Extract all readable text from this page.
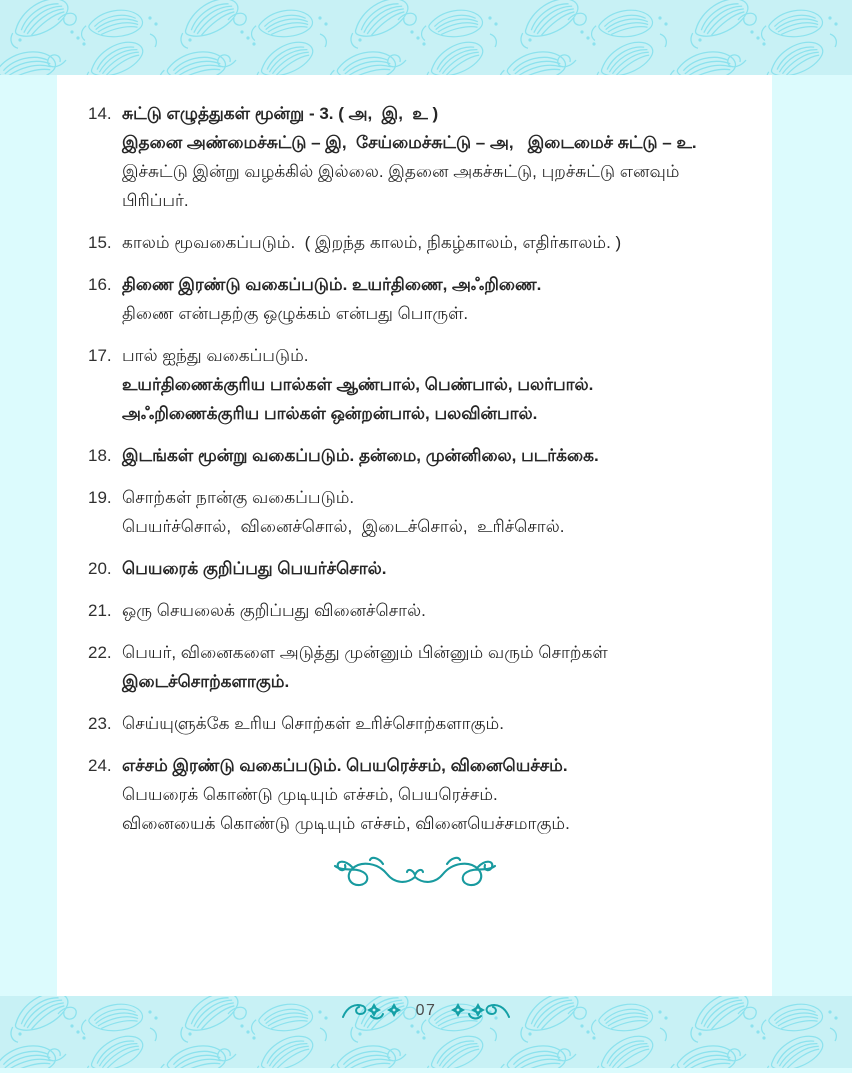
07
14. சுட்டு எழுத்துகள் மூன்று - 3. ( அ,  இ,  உ )
இதனை அண்மைச்சுட்டு – இ,  சேய்மைச்சுட்டு – அ,   இடைமைச் சுட்டு – உ.
இச்சுட்டு இன்று வழக்கில் இல்லை. இதனை அகச்சுட்டு, புறச்சுட்டு எனவும்
பிரிப்பர்.
15. காலம் மூவகைப்படும்.  ( இறந்த காலம், நிகழ்காலம், எதிர்காலம். )
16. திணை இரண்டு வகைப்படும். உயர்திணை, அஃறிணை.
திணை என்பதற்கு ஒழுக்கம் என்பது பொருள்.
17. பால் ஐந்து வகைப்படும்.
உயர்திணைக்குரிய பால்கள் ஆண்பால், பெண்பால், பலர்பால்.
அஃறிணைக்குரிய பால்கள் ஒன்றன்பால், பலவின்பால்.
18. இடங்கள் மூன்று வகைப்படும். தன்மை, முன்னிலை, படர்க்கை.
19. சொற்கள் நான்கு வகைப்படும்.
பெயர்ச்சொல்,  வினைச்சொல்,  இடைச்சொல்,  உரிச்சொல்.
20. பெயரைக் குறிப்பது பெயர்ச்சொல்.
21. ஒரு செயலைக் குறிப்பது வினைச்சொல்.
22. பெயர், வினைகளை அடுத்து முன்னும் பின்னும் வரும் சொற்கள்
இடைச்சொற்களாகும்.
23. செய்யுளுக்கே உரிய சொற்கள் உரிச்சொற்களாகும்.
24. எச்சம் இரண்டு வகைப்படும். பெயரெச்சம், வினையெச்சம்.
பெயரைக் கொண்டு முடியும் எச்சம், பெயரெச்சம்.
வினையைக் கொண்டு முடியும் எச்சம், வினையெச்சமாகும்.
